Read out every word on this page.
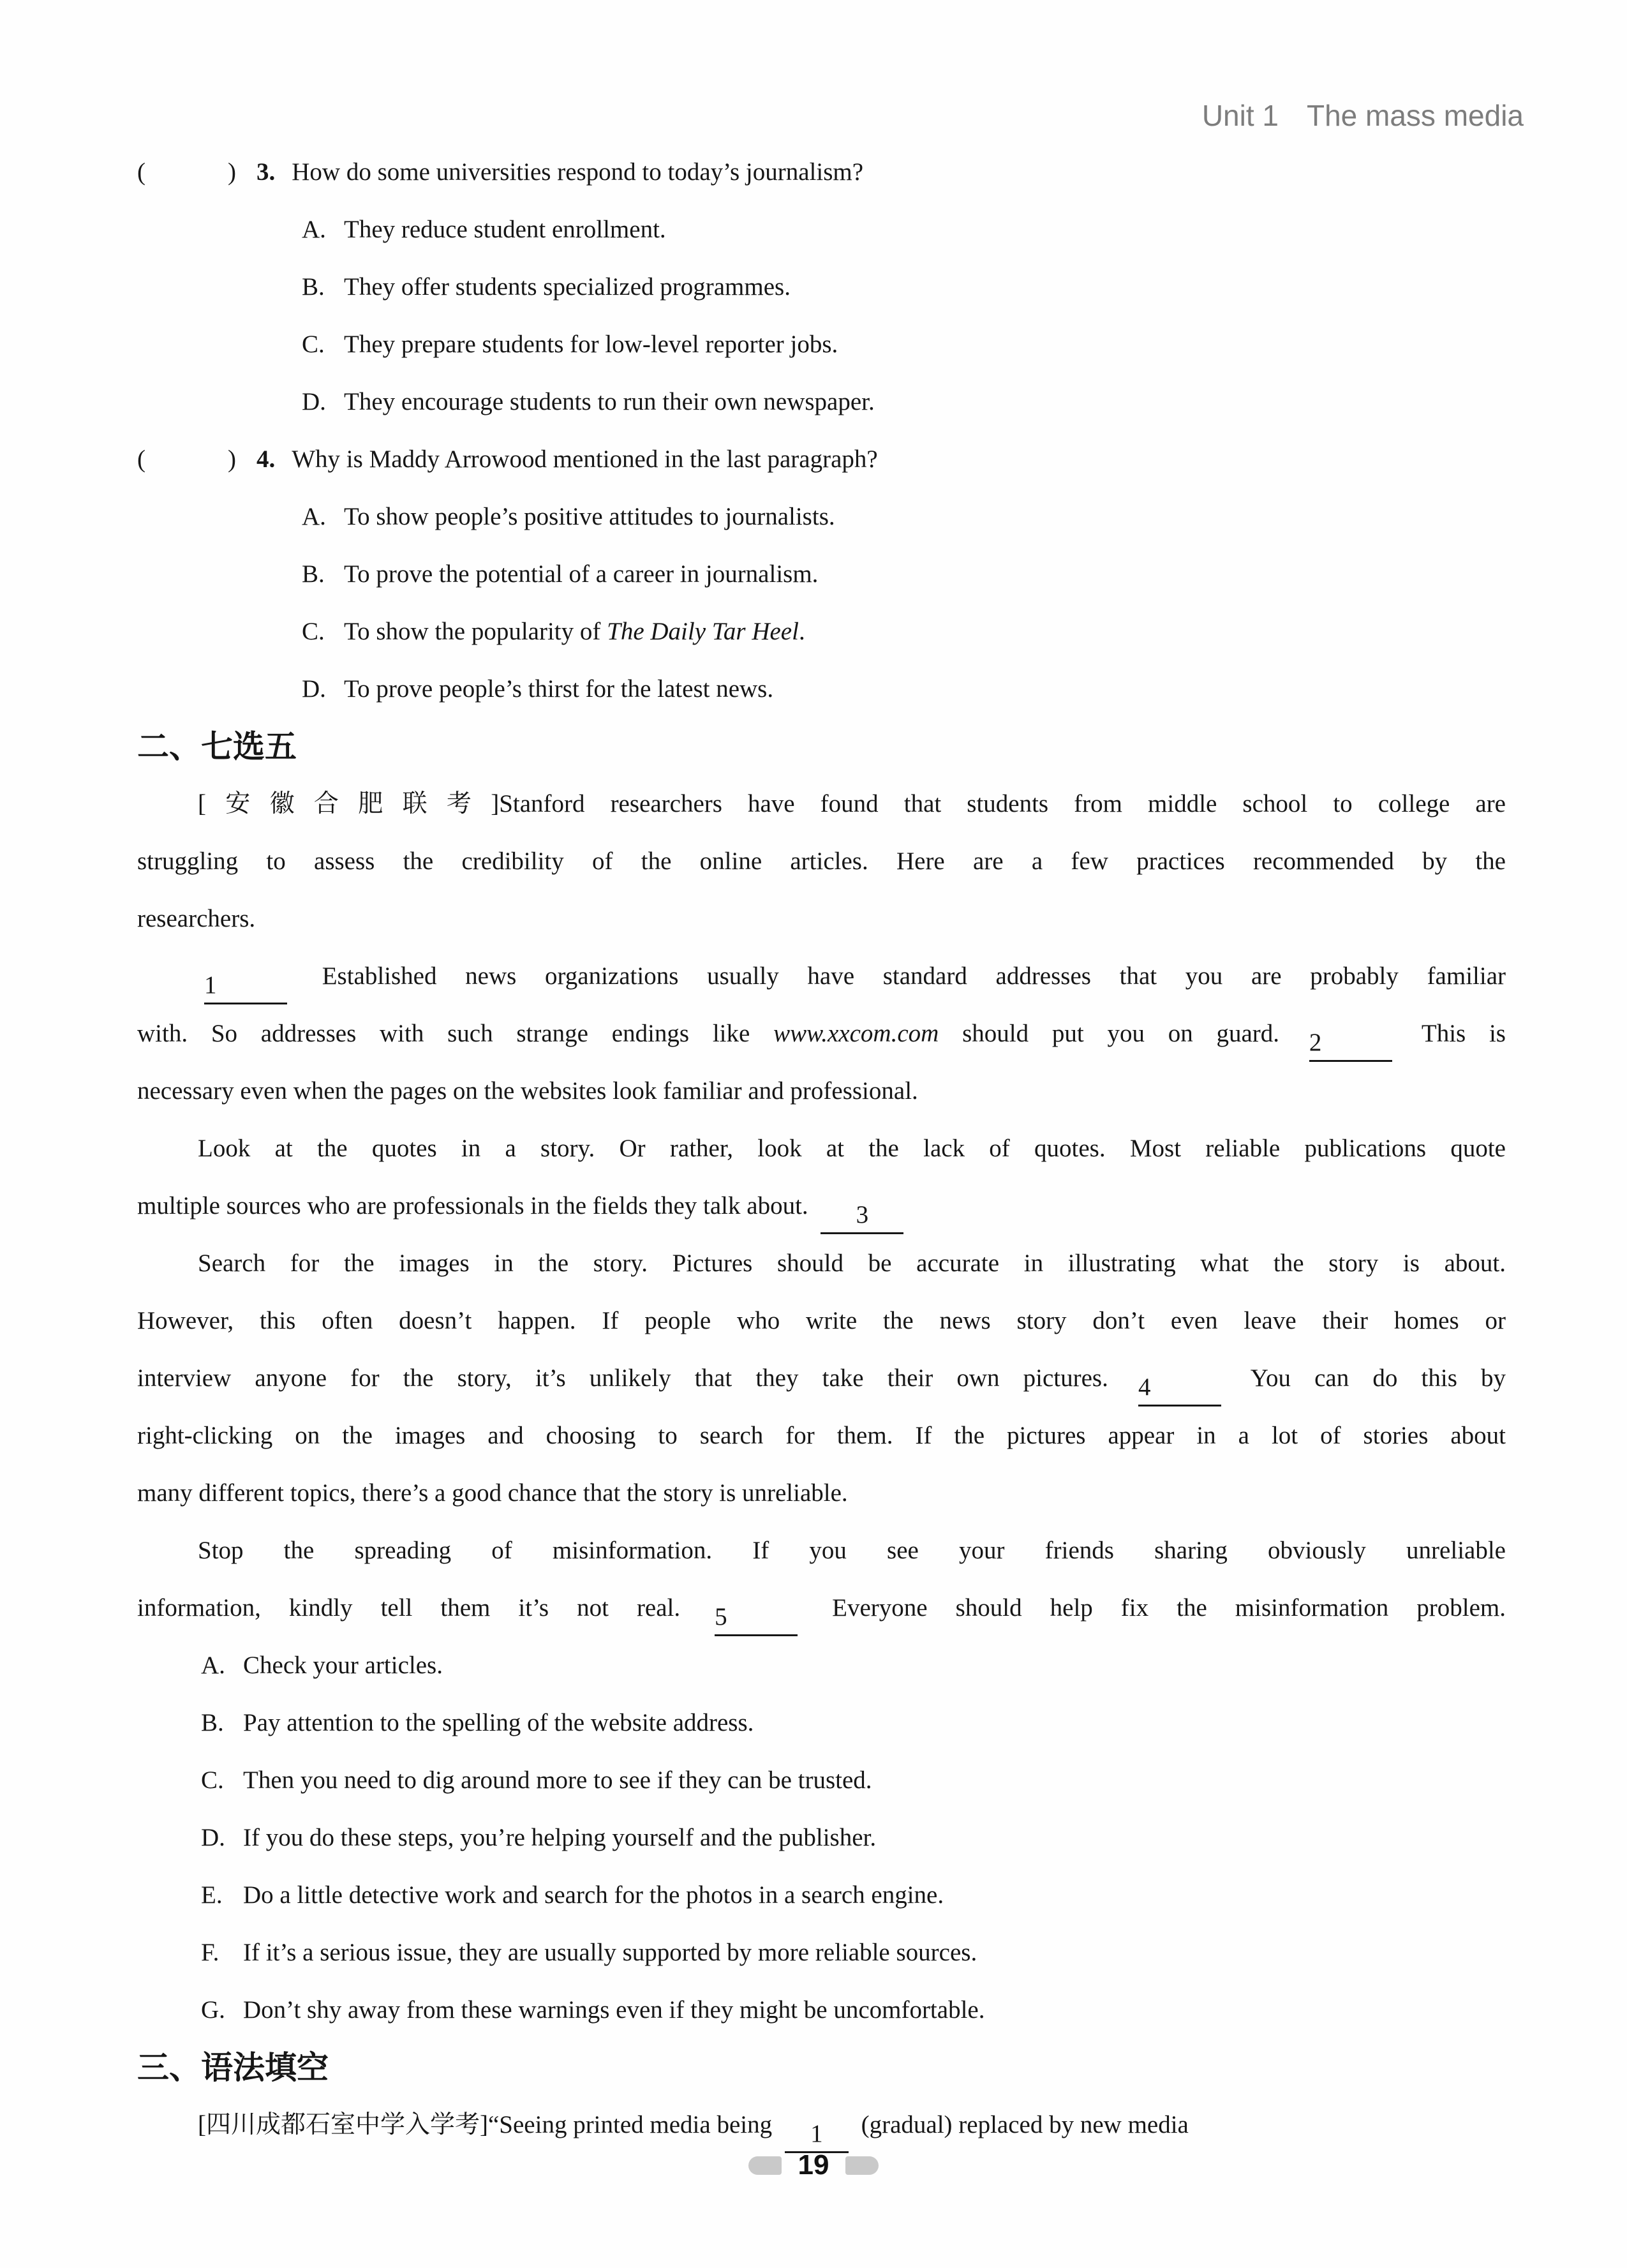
Unit 1 The mass media
(	) 3. How do some universities respond to today’s journalism?
A. They reduce student enrollment.
B. They offer students specialized programmes.
C. They prepare students for low-level reporter jobs.
D. They encourage students to run their own newspaper.
(	) 4. Why is Maddy Arrowood mentioned in the last paragraph?
A. To show people’s positive attitudes to journalists.
B. To prove the potential of a career in journalism.
C. To show the popularity of The Daily Tar Heel.
D. To prove people’s thirst for the latest news.
二、七选五
[安徽合肥联考]Stanford researchers have found that students from middle school to college are
struggling to assess the credibility of the online articles. Here are a few practices recommended by the
researchers.
1	Established news organizations usually have standard addresses that you are probably familiar
with. So addresses with such strange endings like www.xxcom.com should put you on guard. 2	This is
necessary even when the pages on the websites look familiar and professional.
Look at the quotes in a story. Or rather, look at the lack of quotes. Most reliable publications quote
multiple sources who are professionals in the fields they talk about. 3
Search for the images in the story. Pictures should be accurate in illustrating what the story is about.
However, this often doesn’t happen. If people who write the news story don’t even leave their homes or
interview anyone for the story, it’s unlikely that they take their own pictures. 4	You can do this by
right-clicking on the images and choosing to search for them. If the pictures appear in a lot of stories about
many different topics, there’s a good chance that the story is unreliable.
Stop the spreading of misinformation. If you see your friends sharing obviously unreliable
information, kindly tell them it’s not real. 5	Everyone should help fix the misinformation problem.
A. Check your articles.
B. Pay attention to the spelling of the website address.
C. Then you need to dig around more to see if they can be trusted.
D. If you do these steps, you’re helping yourself and the publisher.
E. Do a little detective work and search for the photos in a search engine.
F. If it’s a serious issue, they are usually supported by more reliable sources.
G. Don’t shy away from these warnings even if they might be uncomfortable.
三、语法填空
[四川成都石室中学入学考]“Seeing printed media being 1 (gradual) replaced by new media
19
